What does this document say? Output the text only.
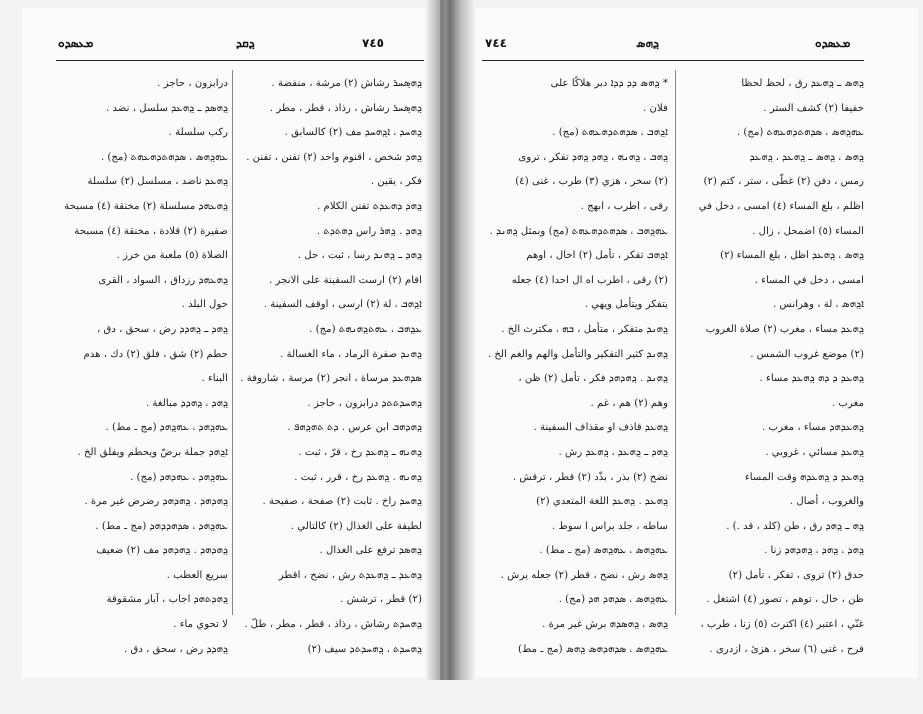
ܡܥܣܕܘ	ܕ݂ܩܕ	٧٤٥	٧٤٤	ܕ݂ܗܣ	ܡܥܣܕܘ
ܕ݂ܗܣ݂ܚܪ رشاش (٢) مرشة ، منفضة .
ܕ݂ܗܣ݂ܚܪ رشاش ، رذاذ ، قطر ، مطر .
ܕ݂ܗܚܕ ، ܐܕ݂ܗܚܕ مف (٢) كالسابق .
ܕ݂ܗܕ شخص ، اقنوم واحد (٢) تفنن ، تفنن .
فكر ، يقين .
ܕ݂ܗܕ ܕܗܥܕܬ تفنن الكلام .
ܕ݂ܗܕ . ܕ݂ܗܪ راس ܕܗܬܕܬ .
ܕ݂ܗܕ ـ ܕ݂ܗܢܕ رسا ، ثبت ، حل .
اقام (٢) ارست السفينة على الانجر .
ܐܕ݂ܗܒ ، لة (٢) ارسى ، اوقف السفينة .
ܥܕ݂ܗܒ ، ܥܗܬܕ݂ܗܢܗܬ (مج) .
ܕ݂ܗܢܕ صفرة الرماد ، ماء الغسالة .
ܣܕܗܥܕ مرساة ، انجر (٢) مرسة ، شاروفة .
ܕ݂ܗܚܕܬܬܕ درابزون ، حاجز .
ܕ݂ܗܕܗܒ ابن عرس . ܕܬ ܬܗܕ݂ܗܦ .
ܕ݂ܗܢܗ ـ ܕ݂ܗܥܕ رخ ، قرّ ، ثبت .
ܕ݂ܗܢܗ . ܕ݂ܗܥܕ رخ ، قرر ، ثبت .
ܕ݂ܗܚܕ راخ . ثابت (٢) صفحة ، صفيحة .
لطيفة على الغذال (٢) كالتالي .
ܕ݂ܗܣܕ ترفع على الغذال .
ܕ݂ܗܥܕ ـ ܕ݂ܗܥܕܬ رش ، نضح ، اقطر
(٢) قطر ، ترشش .
ܕ݂ܗܚܕܬ رشاش ، رذاذ ، قطر ، مطر ، طلّ .
ܕ݂ܗܚܕܬ ، ܕ݂ܗܚܕܬܕ سيف (٢)
درابزون ، حاجز .
ܕ݂ܗܣܕ ـ ܕ݂ܗܥܕ سلسل ، نضد .
ركب سلسلة .
ܥܗܕ݂ܗܣ ، ܣܕܗܬܕܗܥܗܬ (مج) .
ܕ݂ܗܥܕ ناضد ، مسلسل (٢) سلسلة
ܕ݂ܗܥܗܕ مسلسلة (٢) مخنقة (٤) مسبحة
صفيرة (٢) قلادة ، مخنقة (٤) مسبحة
الصلاة (٥) ملعبة من خرز .
ܕ݂ܗܥܗܕ رزداق ، السواد ، القرى
حول البلد .
ܕ݂ܗܕ ـ ܕ݂ܗܕܕ رض ، سحق ، دق ،
حطم (٢) شق ، فلق (٢) دك ، هدم
البناء .
ܕ݂ܗܕ ، ܕ݂ܗܕܕ مبالغة .
ܥܗܕ݂ܗܕ ، ܥܗܕ݂ܗܕ (مج ـ مط) .
ܐܕ݂ܗܕ جملة برضّ ويحطم ويفلق الخ .
ܥܗܕ݂ܗܕ ، ܥܗܕܗܕ (مج) .
ܕ݂ܗܕܗܕ . ܕ݂ܗܕܗܕ رضرض غير مرة .
ܥܗܕ݂ܗܕ ، ܣܕܗܕܕܗܕ (مج ـ مط) .
ܕ݂ܗܕܗܕ . ܕ݂ܗܕܗܕ مف (٢) ضعيف
سريع العطب .
ܕ݂ܗܕܬܗܕ اجاب ، آبار مشقوقة
لا تحوي ماء .
ܕ݂ܗܕܕ رض ، سحق ، دق .
* ܕ݂ܗܣ ܕܕ ܕܕܐ دبر هلاكًا على
فلان .
ܐܕ݂ܗܒ ، ܣܕܗܬܕܗܥܗܬ (مج) .
ܕ݂ܗܒ ، ܕ݂ܗܢܗ ، ܕ݂ܗܕ ܕ݂ܗܕ تفكر ، تروى
(٢) سخر ، هزي (٣) طرب ، غنى (٤)
رقى ، اطرب ، ابهج .
ܥܗܕ݂ܗܒ ، ܣܕܗܬܕܗܥܗܬ (مج) وبمثل ܕ݂ܗܢܕ .
ܐܕ݂ܗܒ تفكر ، تأمل (٢) اخال ، اوهم
(٢) رقى ، اطرب اه ال احدا (٤) جعله
يتفكر ويتأمل ويهي .
ܕ݂ܗܢܕ متفكر ، متأمل ، ܒܗ ، مكترث الخ .
ܕ݂ܗܢܕ كثير التفكير والتأمل والهم والغم الخ .
ܕ݂ܗܢܕ . ܕ݂ܗܕܗܕ فكر ، تأمل (٢) ظن ،
وهم (٢) هم ، غم .
ܕ݂ܗܥܕ قاذف او مقذاف السفينة .
ܕ݂ܗܕ ـ ܕ݂ܗܥܕ ، ܕ݂ܗܥܕ رش .
نضح (٢) بذر ، بذّد (٢) قطر ، ترقش .
ܕ݂ܗܥܕ . ܕ݂ܗܥܕ اللغة المتعدي (٢)
ساطه ، جلد براس ا سوط .
ܥܗܕ݂ܗܣ ، ܥܗܕ݂ܗܣ (مج ـ مط) .
ܕ݂ܗܣ رش ، نضح ، قطر (٢) جعله يرش .
ܥܗܕ݂ܗܣ ، ܣܕܗܕ ܗܕ (مج) .
ܕ݂ܗܣ ، ܕ݂ܗܣܕܗ برش غير مرة .
ܥܗܕ݂ܗܣ ، ܣܕܗܕܗܣ ܕ݂ܗܣ (مج ـ مط)
ܕ݂ܗܣ ـ ܕ݂ܗܥܕ رق ، لحظ لحظا
خفيفا (٢) كشف الستر .
ܥܗܕ݂ܗܣ ، ܣܕܗܬܕܗܥܗܬ (مج) .
ܕ݂ܗܣ ، ܕ݂ܗܣ ـ ܕ݂ܗܥܕ ، ܕ݂ܗܥܕ
رمس ، دفن (٢) غطّى ، ستر ، كتم (٢)
اظلم ، بلغ المساء (٤) امسى ، دخل في
المساء (٥) اضمحل ، زال .
ܕ݂ܗܣ ، ܕ݂ܗܥܕ اظل ، بلغ المساء (٢)
امسى ، دخل في المساء .
ܐܕ݂ܗܣ ، لة ، وهرانس .
ܕ݂ܗܥܕ مساء ، مغرب (٢) صلاة الغروب
(٢) موضع غروب الشمس .
ܕ݂ܗܥܕ ܕ ܕܗ ܕ݂ܗܥܕ مساء .
مغرب .
ܕ݂ܗܥܕܗܕ مساء ، مغرب .
ܕ݂ܗܥܕ مسائي ، غروبي .
ܕ݂ܗܥܕ ܕ ܕ݂ܗܥܕܗ وقت المساء
والغروب ، أصال .
ܕ݂ܗ ـ ܕ݂ܗܕ رق ، طن (كلد ، قد .) .
ܕ݂ܗܕ ، ܕ݂ܗܕ ، ܕ݂ܗܕܗܕ زنا .
حدق (٢) تروى ، تفكر ، تأمل (٢)
ظن ، خال ، توهم ، تصور (٤) اشتغل .
غنّي ، اعتبر (٤) اكترث (٥) زنا ، طرب ،
فرح ، غنى (٦) سخر ، هزئ ، ازدرى .
